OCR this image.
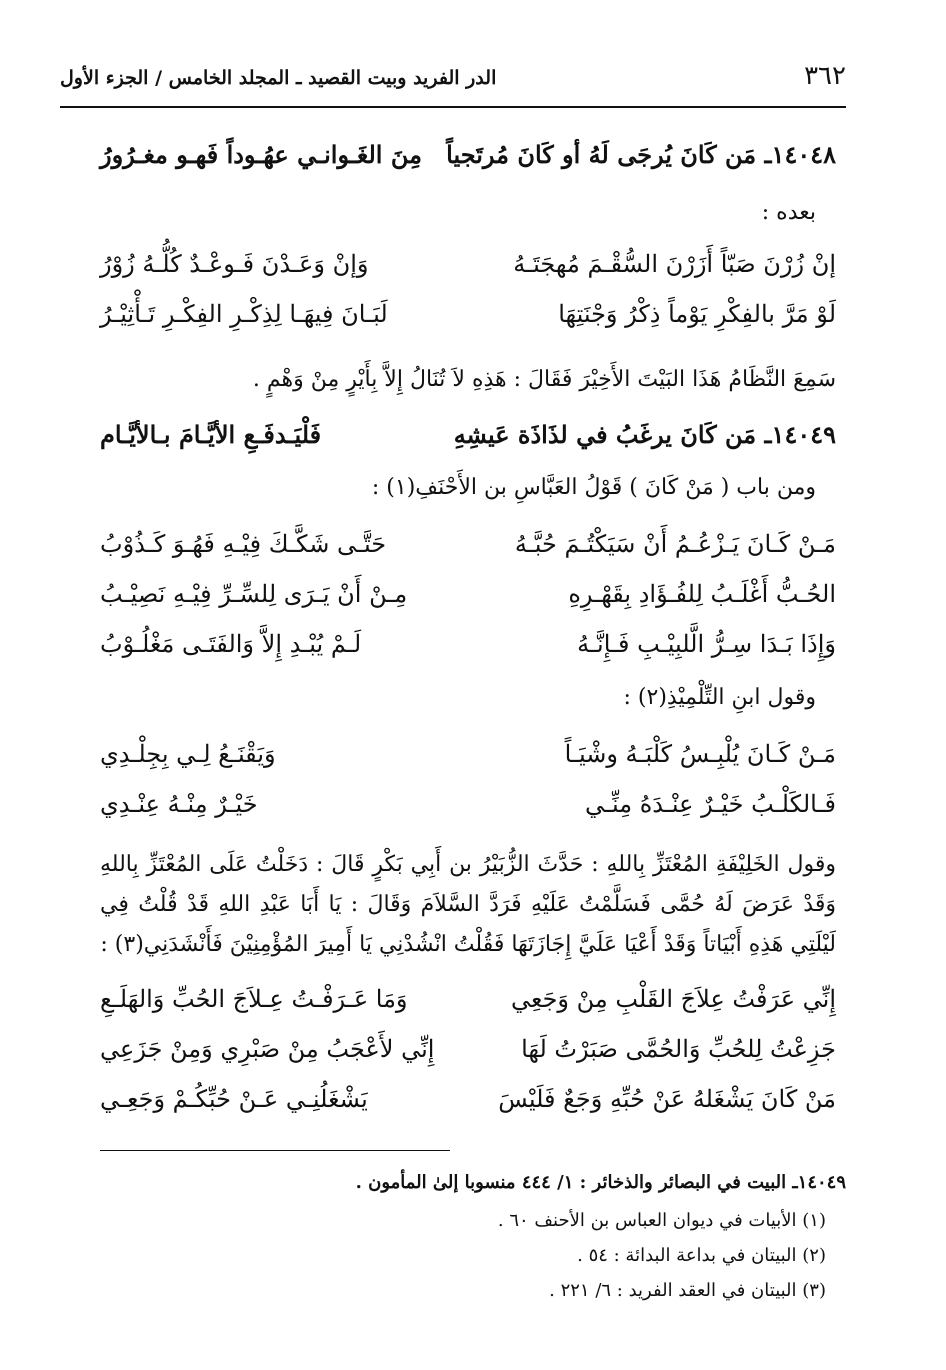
٣٦٢
الدر الفريد وبيت القصيد ـ المجلد الخامس / الجزء الأول
١٤٠٤٨ـ مَن كَانَ يُرجَى لَهُ أو كَانَ مُرتَجياً
مِنَ الغَـوانـي عهُـوداً فَهـو مغـرُورُ
بعده :
إنْ زُرْنَ صَبّاً أَزَرْنَ السُّقْـمَ مُهجَتَـهُ
وَإنْ وَعَـدْنَ فَـوعْـدٌ كُلُّـهُ زُوْرُ
لَوْ مَرَّ بالفِكْرِ يَوْماً ذِكْرُ وَجْنَتِهَا
لَبَـانَ فِيهَـا لِذِكْـرِ الفِكْـرِ تَـأْثِيْـرُ
سَمِعَ النَّظَامُ هَذَا البَيْتَ الأَخِيْرَ فَقَالَ : هَذِهِ لاَ تُنَالُ إِلاَّ بِأَيْرٍ مِنْ وَهْمٍ .
١٤٠٤٩ـ مَن كَانَ يرغَبُ في لذَاذَة عَيشِهِ
فَلْيَـدفَـعِ الأيَّـامَ بـالأيَّـام
ومن باب ( مَنْ كَانَ ) قَوْلُ العَبَّاسِ بن الأَحْنَفِ(١) :
مَـنْ كَـانَ يَـزْعُـمُ أَنْ سَيَكْتُـمَ حُبَّـهُ
حَتَّـى شَكَّـكَ فِيْـهِ فَهُـوَ كَـذُوْبُ
الحُـبُّ أَغْلَـبُ لِلفُـؤَادِ بِقَهْـرِهِ
مِـنْ أَنْ يَـرَى لِلسِّـرِّ فِيْـهِ نَصِيْـبُ
وَإِذَا بَـدَا سِـرُّ الَّلبِيْـبِ فَـإِنَّـهُ
لَـمْ يُبْـدِ إِلاَّ وَالفَتَـى مَغْلُـوْبُ
وقول ابنِ التِّلْمِيْذِ(٢) :
مَـنْ كَـانَ يُلْبِـسُ كَلْبَـهُ وشْيَـاً
وَيَقْنَـعُ لِـي بِجِلْـدِي
فَـالكَلْـبُ خَيْـرٌ عِنْـدَهُ مِنِّـي
خَيْـرٌ مِنْـهُ عِنْـدِي
وقول الخَلِيْفَةِ المُعْتَزِّ بِاللهِ : حَدَّثَ الزُّبَيْرُ بن أَبِي بَكْرٍ قَالَ : دَخَلْتُ عَلَى المُعْتَزِّ بِاللهِ وَقَدْ عَرَضَ لَهُ حُمَّى فَسَلَّمْتُ عَلَيْهِ فَرَدَّ السَّلاَمَ وَقَالَ : يَا أَبَا عَبْدِ اللهِ قَدْ قُلْتُ فِي لَيْلَتِي هَذِهِ أَبْيَاتاً وَقَدْ أَعْيَا عَلَيَّ إِجَازَتَهَا فَقُلْتُ انْشُدْنِي يَا أَمِيرَ المُؤْمِنِيْنَ فَأَنْشَدَنِي(٣) :
إِنِّي عَرَفْتُ عِلاَجَ القَلْبِ مِنْ وَجَعِي
وَمَا عَـرَفْـتُ عِـلاَجَ الحُبِّ وَالهَلَـعِ
جَزِعْتُ لِلحُبِّ وَالحُمَّى صَبَرْتُ لَهَا
إِنِّي لأَعْجَبُ مِنْ صَبْرِي وَمِنْ جَزَعِي
مَنْ كَانَ يَشْغَلهُ عَنْ حُبِّهِ وَجَعٌ فَلَيْسَ
يَشْغَلُنِـي عَـنْ حُبِّكُـمْ وَجَعِـي
١٤٠٤٩ـ البيت في البصائر والذخائر : ١/ ٤٤٤ منسوبا إلىٰ المأمون .
(١) الأبيات في ديوان العباس بن الأحنف ٦٠ .
(٢) البيتان في بداعة البدائة : ٥٤ .
(٣) البيتان في العقد الفريد : ٦/ ٢٢١ .
